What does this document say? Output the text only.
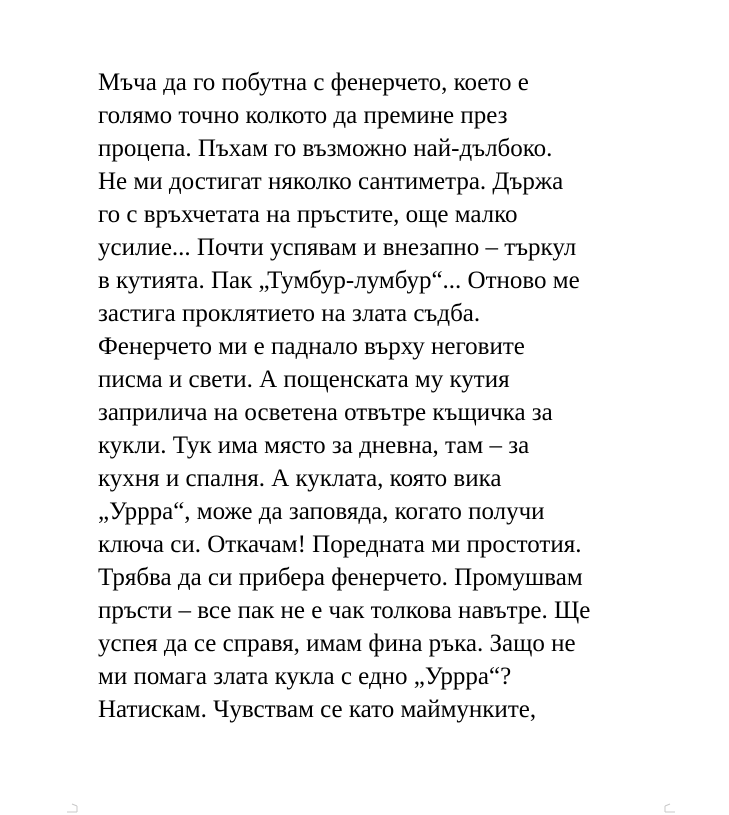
Мъча да го побутна с фенерчето, което е
голямо точно колкото да премине през
процепа. Пъхам го възможно най-дълбоко.
Не ми достигат няколко сантиметра. Държа
го с връхчетата на пръстите, още малко
усилие... Почти успявам и внезапно – търкул
в кутията. Пак „Тумбур-лумбур“... Отново ме
застига проклятието на злата съдба.
Фенерчето ми е паднало върху неговите
писма и свети. А пощенската му кутия
заприлича на осветена отвътре къщичка за
кукли. Тук има място за дневна, там – за
кухня и спалня. А куклата, която вика
„Уррра“, може да заповяда, когато получи
ключа си. Откачам! Поредната ми простотия.
Трябва да си прибера фенерчето. Промушвам
пръсти – все пак не е чак толкова навътре. Ще
успея да се справя, имам фина ръка. Защо не
ми помага злата кукла с едно „Уррра“?
Натискам. Чувствам се като маймунките,
